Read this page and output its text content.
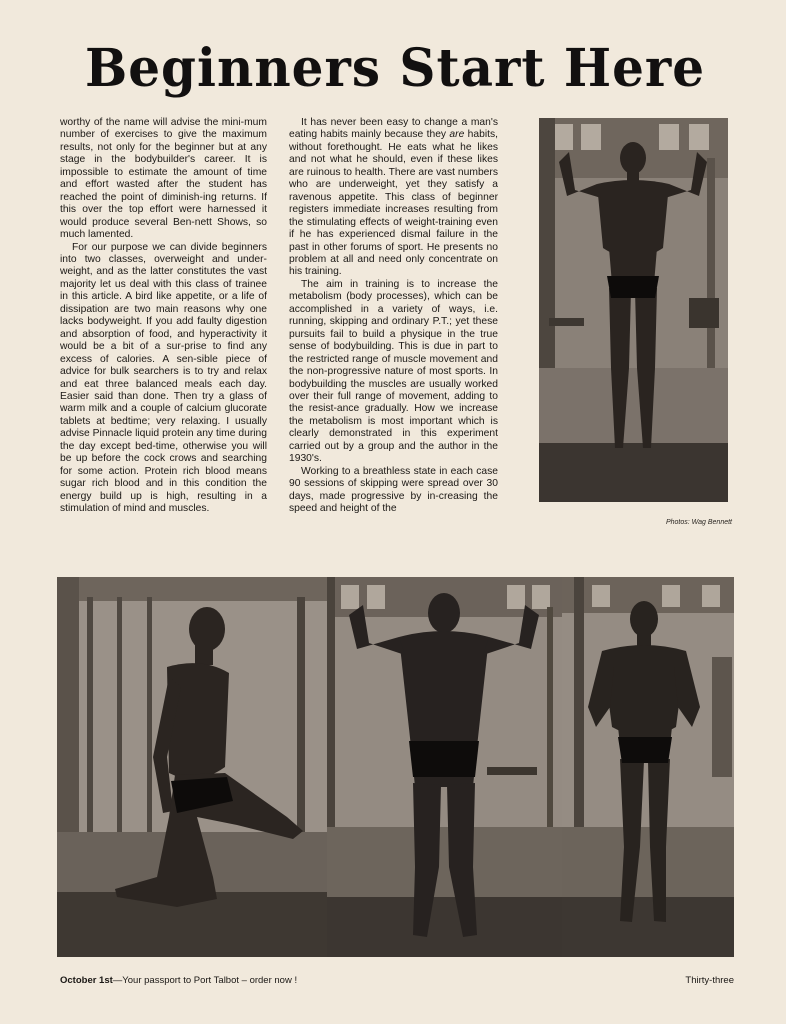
Beginners Start Here

worthy of the name will advise the mini-mum number of exercises to give the maximum results, not only for the beginner but at any stage in the bodybuilder's career. It is impossible to estimate the amount of time and effort wasted after the student has reached the point of diminish-ing returns. If this over the top effort were harnessed it would produce several Ben-nett Shows, so much lamented.

For our purpose we can divide beginners into two classes, overweight and under-weight, and as the latter constitutes the vast majority let us deal with this class of trainee in this article. A bird like appetite, or a life of dissipation are two main reasons why one lacks bodyweight. If you add faulty digestion and absorption of food, and hyperactivity it would be a bit of a sur-prise to find any excess of calories. A sen-sible piece of advice for bulk searchers is to try and relax and eat three balanced meals each day. Easier said than done. Then try a glass of warm milk and a couple of calcium glucorate tablets at bedtime; very relaxing. I usually advise Pinnacle liquid protein any time during the day except bed-time, otherwise you will be up before the cock crows and searching for some action. Protein rich blood means sugar rich blood and in this condition the energy build up is high, resulting in a stimulation of mind and muscles.

It has never been easy to change a man's eating habits mainly because they are habits, without forethought. He eats what he likes and not what he should, even if these likes are ruinous to health. There are vast numbers who are underweight, yet they satisfy a ravenous appetite. This class of beginner registers immediate increases resulting from the stimulating effects of weight-training even if he has experienced dismal failure in the past in other forums of sport. He presents no problem at all and need only concentrate on his training.

The aim in training is to increase the metabolism (body processes), which can be accomplished in a variety of ways, i.e. running, skipping and ordinary P.T.; yet these pursuits fail to build a physique in the true sense of bodybuilding. This is due in part to the restricted range of muscle movement and the non-progressive nature of most sports. In bodybuilding the muscles are usually worked over their full range of movement, adding to the resist-ance gradually. How we increase the metabolism is most important which is clearly demonstrated in this experiment carried out by a group and the author in the 1930's.

Working to a breathless state in each case 90 sessions of skipping were spread over 30 days, made progressive by in-creasing the speed and height of the

Photos: Wag Bennett
October 1st—Your passport to Port Talbot – order now !	Thirty-three
